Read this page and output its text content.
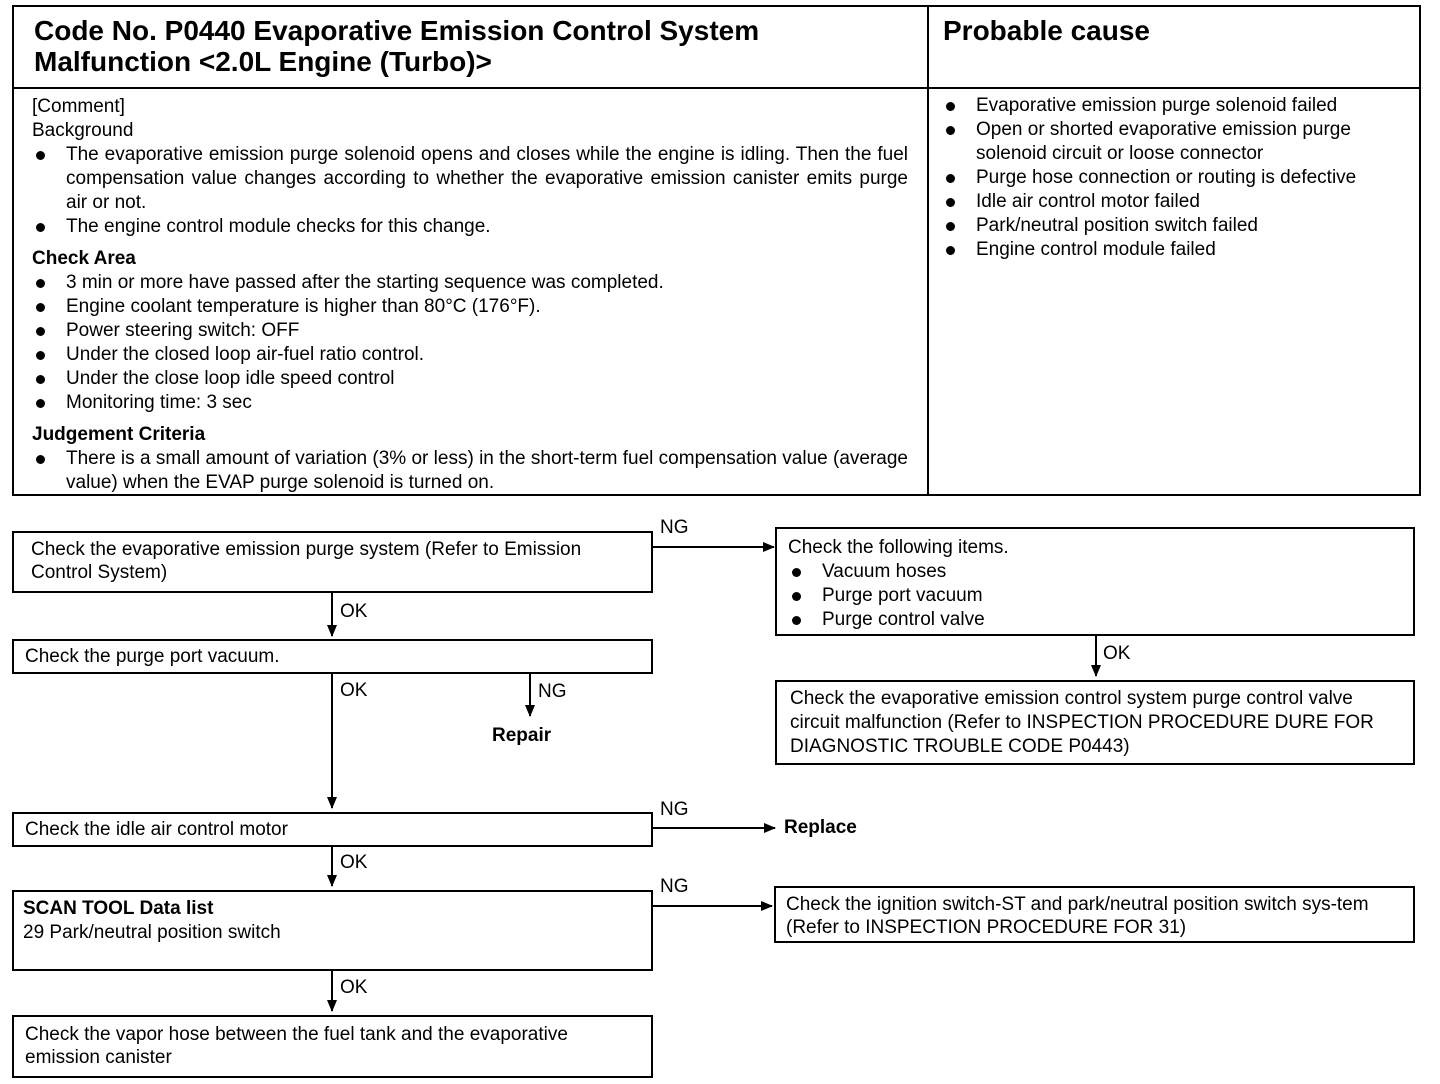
Code No. P0440 Evaporative Emission Control System
Malfunction <2.0L Engine (Turbo)>
Probable cause
[Comment]
Background
The evaporative emission purge solenoid opens and closes while the engine is idling. Then the fuel compensation value changes according to whether the evaporative emission canister emits purge air or not.
The engine control module checks for this change.
Check Area
3 min or more have passed after the starting sequence was completed.
Engine coolant temperature is higher than 80°C (176°F).
Power steering switch: OFF
Under the closed loop air-fuel ratio control.
Under the close loop idle speed control
Monitoring time: 3 sec
Judgement Criteria
There is a small amount of variation (3% or less) in the short-term fuel compensation value (average value) when the EVAP purge solenoid is turned on.
Evaporative emission purge solenoid failed
Open or shorted evaporative emission purge solenoid circuit or loose connector
Purge hose connection or routing is defective
Idle air control motor failed
Park/neutral position switch failed
Engine control module failed
Check the evaporative emission purge system (Refer to Emission Control System)
Check the purge port vacuum.
Check the idle air control motor
SCAN TOOL Data list
29 Park/neutral position switch
Check the vapor hose between the fuel tank and the evaporative emission canister
Check the following items.
Vacuum hoses
Purge port vacuum
Purge control valve
Check the evaporative emission control system purge control valve circuit malfunction (Refer to INSPECTION PROCEDURE DURE FOR DIAGNOSTIC TROUBLE CODE P0443)
Check the ignition switch-ST and park/neutral position switch sys-tem (Refer to INSPECTION PROCEDURE FOR 31)
Repair
Replace
OK
OK
OK
OK
OK
NG
NG
NG
NG
